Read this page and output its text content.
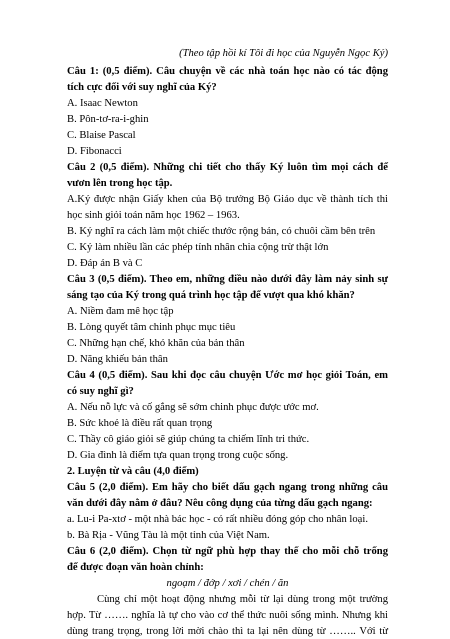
(Theo tập hồi kí Tôi đi học của Nguyễn Ngọc Ký)
Câu 1: (0,5 điểm). Câu chuyện về các nhà toán học nào có tác động
tích cực đối với suy nghĩ của Ký?
A. Isaac Newton
B. Pôn-tơ-ra-i-ghin
C. Blaise Pascal
D. Fibonacci
Câu 2 (0,5 điểm). Những chi tiết cho thấy Ký luôn tìm mọi cách để
vươn lên trong học tập.
A.Ký được nhận Giấy khen của Bộ trưởng Bộ Giáo dục về thành tích thi
học sinh giỏi toán năm học 1962 – 1963.
B. Ký nghĩ ra cách làm một chiếc thước rộng bản, có chuôi cầm bên trên
C. Ký làm nhiều lần các phép tính nhân chia cộng trừ thật lớn
D. Đáp án B và C
Câu 3 (0,5 điểm). Theo em, những điều nào dưới đây làm nảy sinh sự
sáng tạo của Ký trong quá trình học tập để vượt qua khó khăn?
A. Niềm đam mê học tập
B. Lòng quyết tâm chinh phục mục tiêu
C. Những hạn chế, khó khăn của bản thân
D. Năng khiếu bản thân
Câu 4 (0,5 điểm). Sau khi đọc câu chuyện Ước mơ học giỏi Toán, em
có suy nghĩ gì?
A. Nếu nỗ lực và cố gắng sẽ sớm chinh phục được ước mơ.
B. Sức khoẻ là điều rất quan trọng
C. Thầy cô giáo giỏi sẽ giúp chúng ta chiếm lĩnh tri thức.
D. Gia đình là điểm tựa quan trọng trong cuộc sống.
2. Luyện từ và câu (4,0 điểm)
Câu 5 (2,0 điểm). Em hãy cho biết dấu gạch ngang trong những câu
văn dưới đây nằm ở đâu? Nêu công dụng của từng dấu gạch ngang:
a. Lu-i Pa-xtơ - một nhà bác học - có rất nhiều đóng góp cho nhân loại.
b. Bà Rịa - Vũng Tàu là một tỉnh của Việt Nam.
Câu 6 (2,0 điểm). Chọn từ ngữ phù hợp thay thế cho mỗi chỗ trống
để được đoạn văn hoàn chỉnh:
ngoạm / đớp / xơi / chén / ăn
Cùng chỉ một hoạt động nhưng mỗi từ lại dùng trong một trường
hợp. Từ ……. nghĩa là tự cho vào cơ thể thức nuôi sống mình. Nhưng khi
dùng trang trọng, trong lời mời chào thì ta lại nên dùng từ …….. Với từ
